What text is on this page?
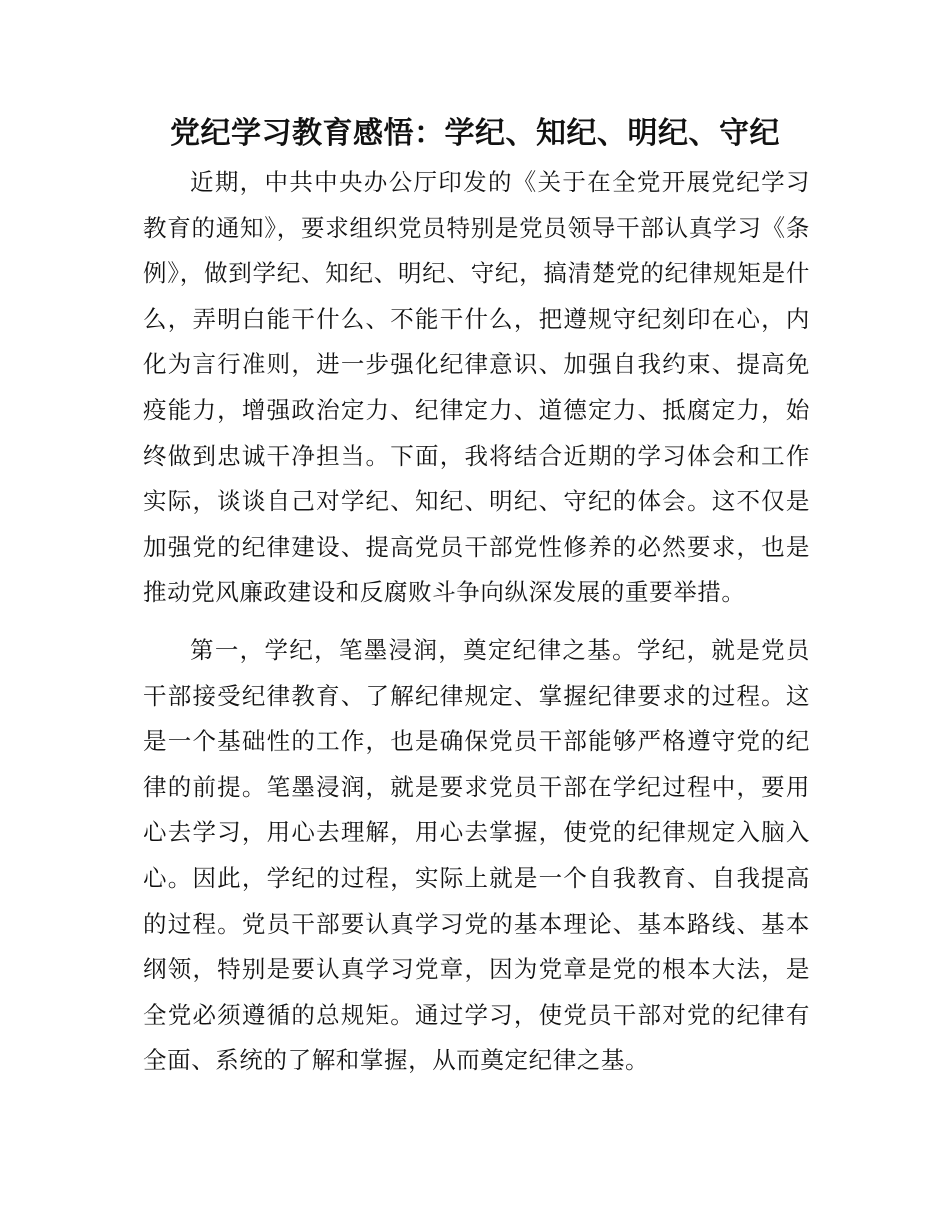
党纪学习教育感悟：学纪、知纪、明纪、守纪

近期，中共中央办公厅印发的《关于在全党开展党纪学习教育的通知》，要求组织党员特别是党员领导干部认真学习《条例》，做到学纪、知纪、明纪、守纪，搞清楚党的纪律规矩是什么，弄明白能干什么、不能干什么，把遵规守纪刻印在心，内化为言行准则，进一步强化纪律意识、加强自我约束、提高免疫能力，增强政治定力、纪律定力、道德定力、抵腐定力，始终做到忠诚干净担当。下面，我将结合近期的学习体会和工作实际，谈谈自己对学纪、知纪、明纪、守纪的体会。这不仅是加强党的纪律建设、提高党员干部党性修养的必然要求，也是推动党风廉政建设和反腐败斗争向纵深发展的重要举措。

第一，学纪，笔墨浸润，奠定纪律之基。学纪，就是党员干部接受纪律教育、了解纪律规定、掌握纪律要求的过程。这是一个基础性的工作，也是确保党员干部能够严格遵守党的纪律的前提。笔墨浸润，就是要求党员干部在学纪过程中，要用心去学习，用心去理解，用心去掌握，使党的纪律规定入脑入心。因此，学纪的过程，实际上就是一个自我教育、自我提高的过程。党员干部要认真学习党的基本理论、基本路线、基本纲领，特别是要认真学习党章，因为党章是党的根本大法，是全党必须遵循的总规矩。通过学习，使党员干部对党的纪律有全面、系统的了解和掌握，从而奠定纪律之基。
